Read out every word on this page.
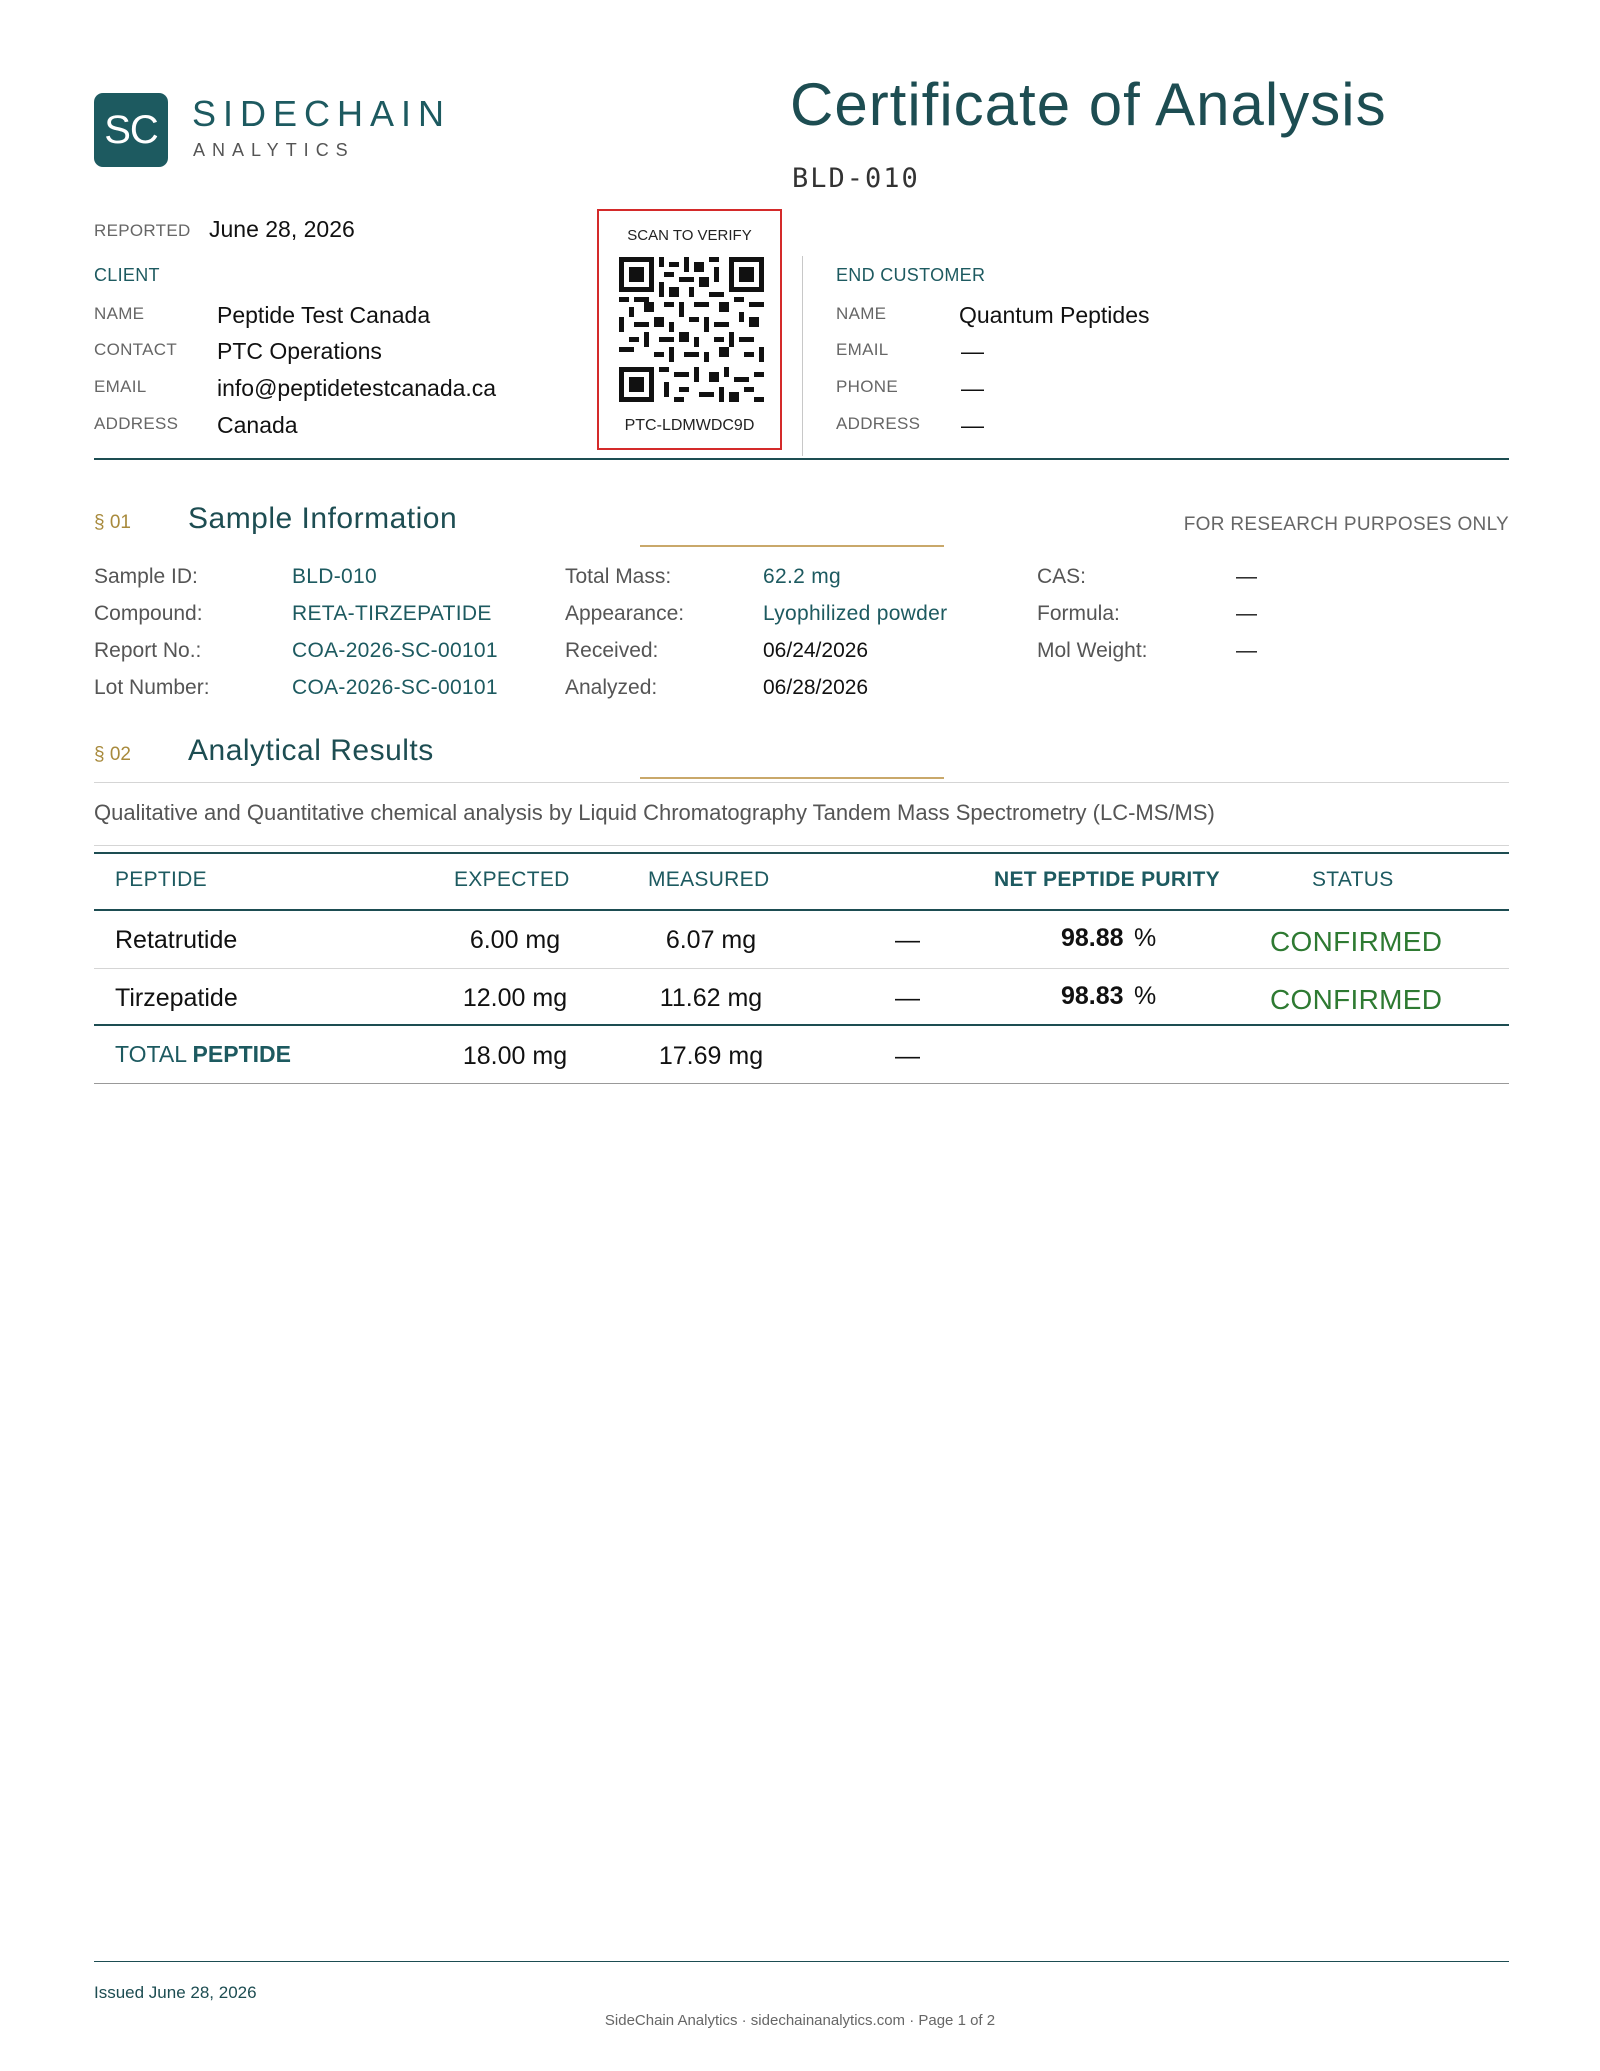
SC SIDECHAIN
ANALYTICS
Certificate of Analysis
BLD-010
REPORTED June 28, 2026
CLIENT
NAME	Peptide Test Canada
CONTACT PTC Operations
EMAIL	info@peptidetestcanada.ca
ADDRESS Canada
SCAN TO VERIFY
PTC-LDMWDC9D
END CUSTOMER
NAME	Quantum Peptides
EMAIL	—
PHONE	—
ADDRESS —
§ 01 Sample Information	FOR RESEARCH PURPOSES ONLY
Sample ID:	BLD-010
Compound:	RETA-TIRZEPATIDE
Report No.:	COA-2026-SC-00101
Lot Number:	COA-2026-SC-00101
Total Mass:	62.2 mg
Appearance:	Lyophilized powder
Received:	06/24/2026
Analyzed:	06/28/2026
CAS:	—
Formula:	—
Mol Weight:	—
§ 02 Analytical Results
Qualitative and Quantitative chemical analysis by Liquid Chromatography Tandem Mass Spectrometry (LC-MS/MS)
PEPTIDE	EXPECTED	MEASURED	NET PEPTIDE PURITY	STATUS
Retatrutide	6.00 mg	6.07 mg	—	98.88 %	CONFIRMED
Tirzepatide	12.00 mg	11.62 mg	—	98.83 %	CONFIRMED
TOTAL PEPTIDE	18.00 mg	17.69 mg	—
Issued June 28, 2026
SideChain Analytics · sidechainanalytics.com · Page 1 of 2
